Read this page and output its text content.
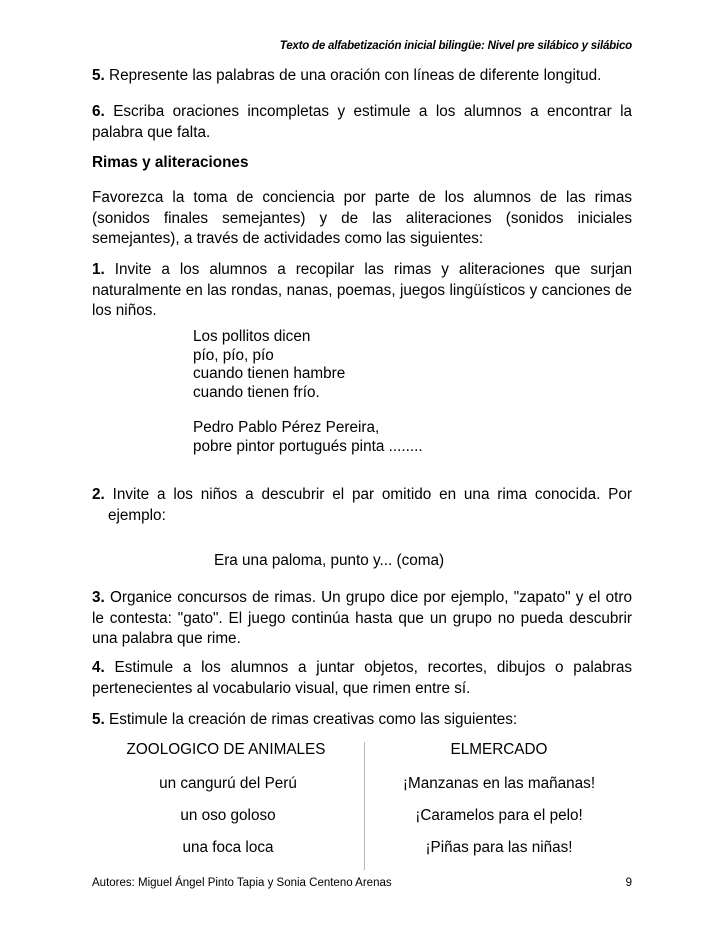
Texto de alfabetización inicial bilingüe: Nivel pre silábico y silábico
5. Represente las palabras de una oración con líneas de diferente longitud.
6. Escriba oraciones incompletas y estimule a los alumnos a encontrar la palabra que falta.
Rimas y aliteraciones
Favorezca la toma de conciencia por parte de los alumnos de las rimas (sonidos finales semejantes) y de las aliteraciones (sonidos iniciales semejantes), a través de actividades como las siguientes:
1. Invite a los alumnos a recopilar las rimas y aliteraciones que surjan naturalmente en las rondas, nanas, poemas, juegos lingüísticos y canciones de los niños.
Los pollitos dicen
pío, pío, pío
cuando tienen hambre
cuando tienen frío.
Pedro Pablo Pérez Pereira,
pobre pintor portugués pinta ........
2. Invite a los niños a descubrir el par omitido en una rima conocida. Por
ejemplo:
Era una paloma, punto y... (coma)
3. Organice concursos de rimas. Un grupo dice por ejemplo, "zapato" y el otro le contesta: "gato". El juego continúa hasta que un grupo no pueda descubrir una palabra que rime.
4. Estimule a los alumnos a juntar objetos, recortes, dibujos o palabras pertenecientes al vocabulario visual, que rimen entre sí.
5. Estimule la creación de rimas creativas como las siguientes:
ZOOLOGICO DE ANIMALES	ELMERCADO
un cangurú del Perú	¡Manzanas en las mañanas!
un oso goloso	¡Caramelos para el pelo!
una foca loca	¡Piñas para las niñas!
Autores: Miguel Ángel Pinto Tapia y Sonia Centeno Arenas	9
